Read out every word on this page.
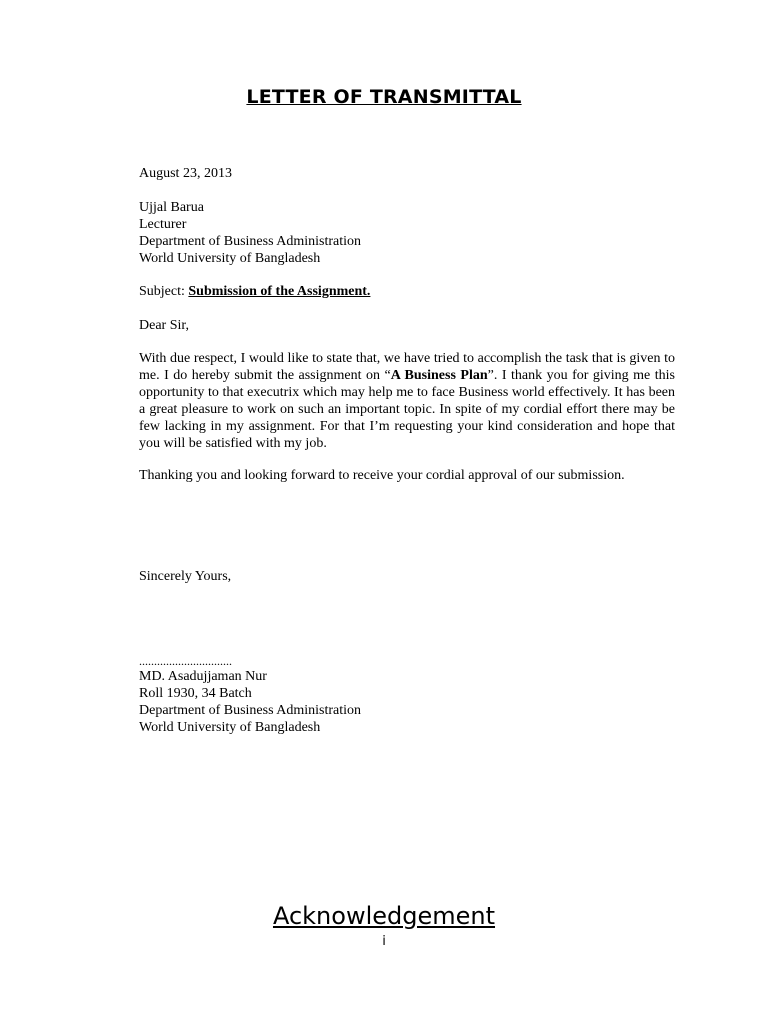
LETTER OF TRANSMITTAL
August 23, 2013
Ujjal Barua
Lecturer
Department of Business Administration
World University of Bangladesh
Subject: Submission of the Assignment.
Dear Sir,
With due respect, I would like to state that, we have tried to accomplish the task that is given to me. I do hereby submit the assignment on “A Business Plan”. I thank you for giving me this opportunity to that executrix which may help me to face Business world effectively. It has been a great pleasure to work on such an important topic. In spite of my cordial effort there may be few lacking in my assignment. For that I’m requesting your kind consideration and hope that you will be satisfied with my job.
Thanking you and looking forward to receive your cordial approval of our submission.
Sincerely Yours,
...............................
MD. Asadujjaman Nur
Roll 1930, 34 Batch
Department of Business Administration
World University of Bangladesh
Acknowledgement
i
